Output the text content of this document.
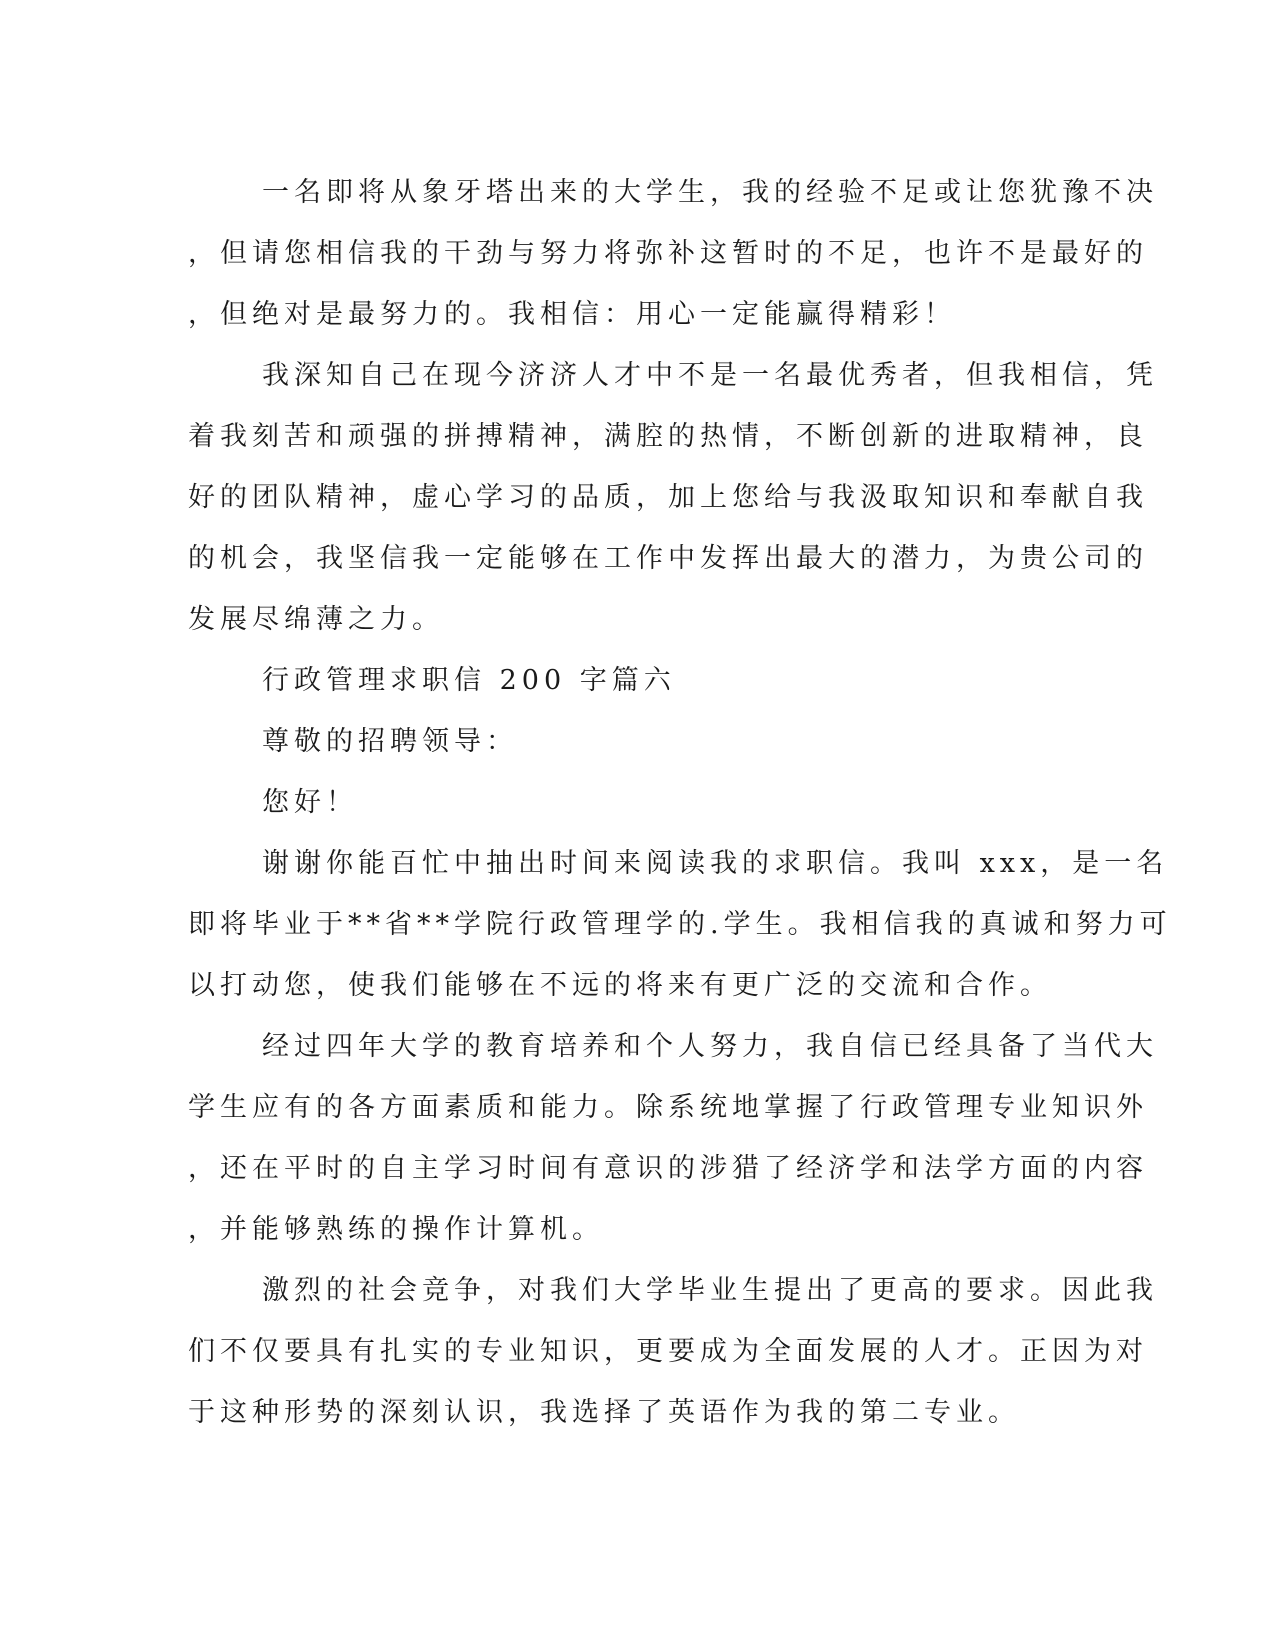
一名即将从象牙塔出来的大学生，我的经验不足或让您犹豫不决
，但请您相信我的干劲与努力将弥补这暂时的不足，也许不是最好的
，但绝对是最努力的。我相信：用心一定能赢得精彩！
我深知自己在现今济济人才中不是一名最优秀者，但我相信，凭
着我刻苦和顽强的拼搏精神，满腔的热情，不断创新的进取精神，良
好的团队精神，虚心学习的品质，加上您给与我汲取知识和奉献自我
的机会，我坚信我一定能够在工作中发挥出最大的潜力，为贵公司的
发展尽绵薄之力。
行政管理求职信 200 字篇六
尊敬的招聘领导：
您好！
谢谢你能百忙中抽出时间来阅读我的求职信。我叫 xxx，是一名
即将毕业于**省**学院行政管理学的.学生。我相信我的真诚和努力可
以打动您，使我们能够在不远的将来有更广泛的交流和合作。
经过四年大学的教育培养和个人努力，我自信已经具备了当代大
学生应有的各方面素质和能力。除系统地掌握了行政管理专业知识外
，还在平时的自主学习时间有意识的涉猎了经济学和法学方面的内容
，并能够熟练的操作计算机。
激烈的社会竞争，对我们大学毕业生提出了更高的要求。因此我
们不仅要具有扎实的专业知识，更要成为全面发展的人才。正因为对
于这种形势的深刻认识，我选择了英语作为我的第二专业。
